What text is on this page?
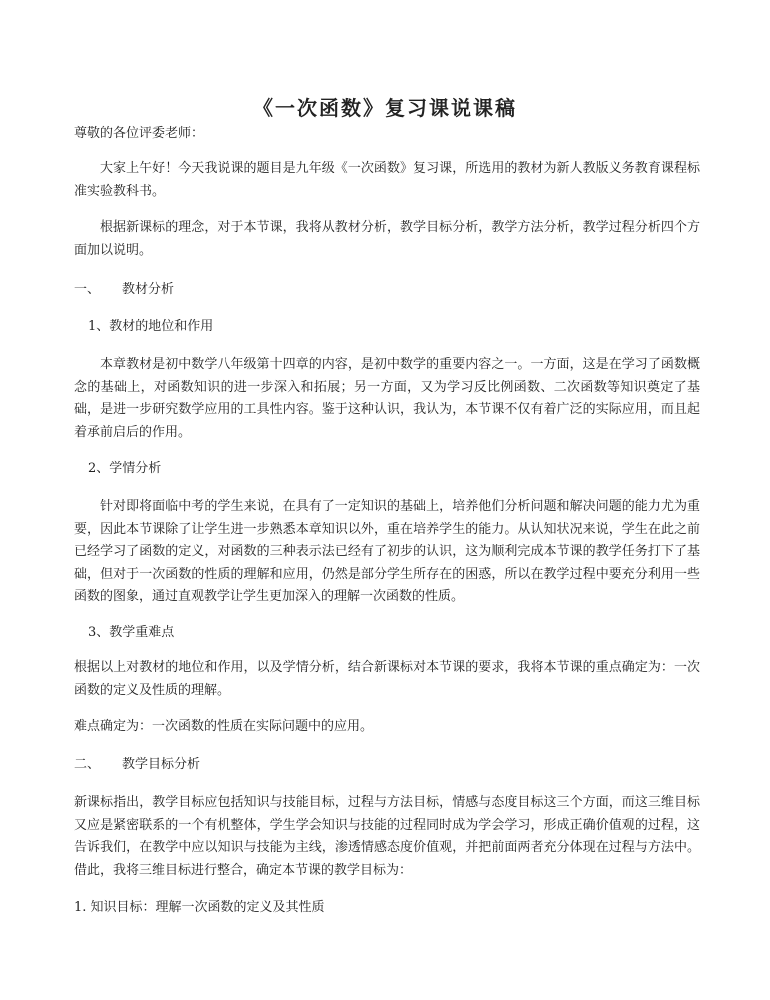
《一次函数》复习课说课稿

尊敬的各位评委老师：

大家上午好！今天我说课的题目是九年级《一次函数》复习课，所选用的教材为新人教版义务教育课程标准实验教科书。

根据新课标的理念，对于本节课，我将从教材分析，教学目标分析，教学方法分析，教学过程分析四个方面加以说明。

一、 教材分析

1、教材的地位和作用

本章教材是初中数学八年级第十四章的内容，是初中数学的重要内容之一。一方面，这是在学习了函数概念的基础上，对函数知识的进一步深入和拓展；另一方面，又为学习反比例函数、二次函数等知识奠定了基础，是进一步研究数学应用的工具性内容。鉴于这种认识，我认为，本节课不仅有着广泛的实际应用，而且起着承前启后的作用。

2、学情分析

针对即将面临中考的学生来说，在具有了一定知识的基础上，培养他们分析问题和解决问题的能力尤为重要，因此本节课除了让学生进一步熟悉本章知识以外，重在培养学生的能力。从认知状况来说，学生在此之前已经学习了函数的定义，对函数的三种表示法已经有了初步的认识，这为顺利完成本节课的教学任务打下了基础，但对于一次函数的性质的理解和应用，仍然是部分学生所存在的困惑，所以在教学过程中要充分利用一些函数的图象，通过直观教学让学生更加深入的理解一次函数的性质。

3、教学重难点

根据以上对教材的地位和作用，以及学情分析，结合新课标对本节课的要求，我将本节课的重点确定为：一次函数的定义及性质的理解。

难点确定为：一次函数的性质在实际问题中的应用。

二、 教学目标分析

新课标指出，教学目标应包括知识与技能目标，过程与方法目标，情感与态度目标这三个方面，而这三维目标又应是紧密联系的一个有机整体，学生学会知识与技能的过程同时成为学会学习，形成正确价值观的过程，这告诉我们，在教学中应以知识与技能为主线，渗透情感态度价值观，并把前面两者充分体现在过程与方法中。借此，我将三维目标进行整合，确定本节课的教学目标为：

1. 知识目标：理解一次函数的定义及其性质
